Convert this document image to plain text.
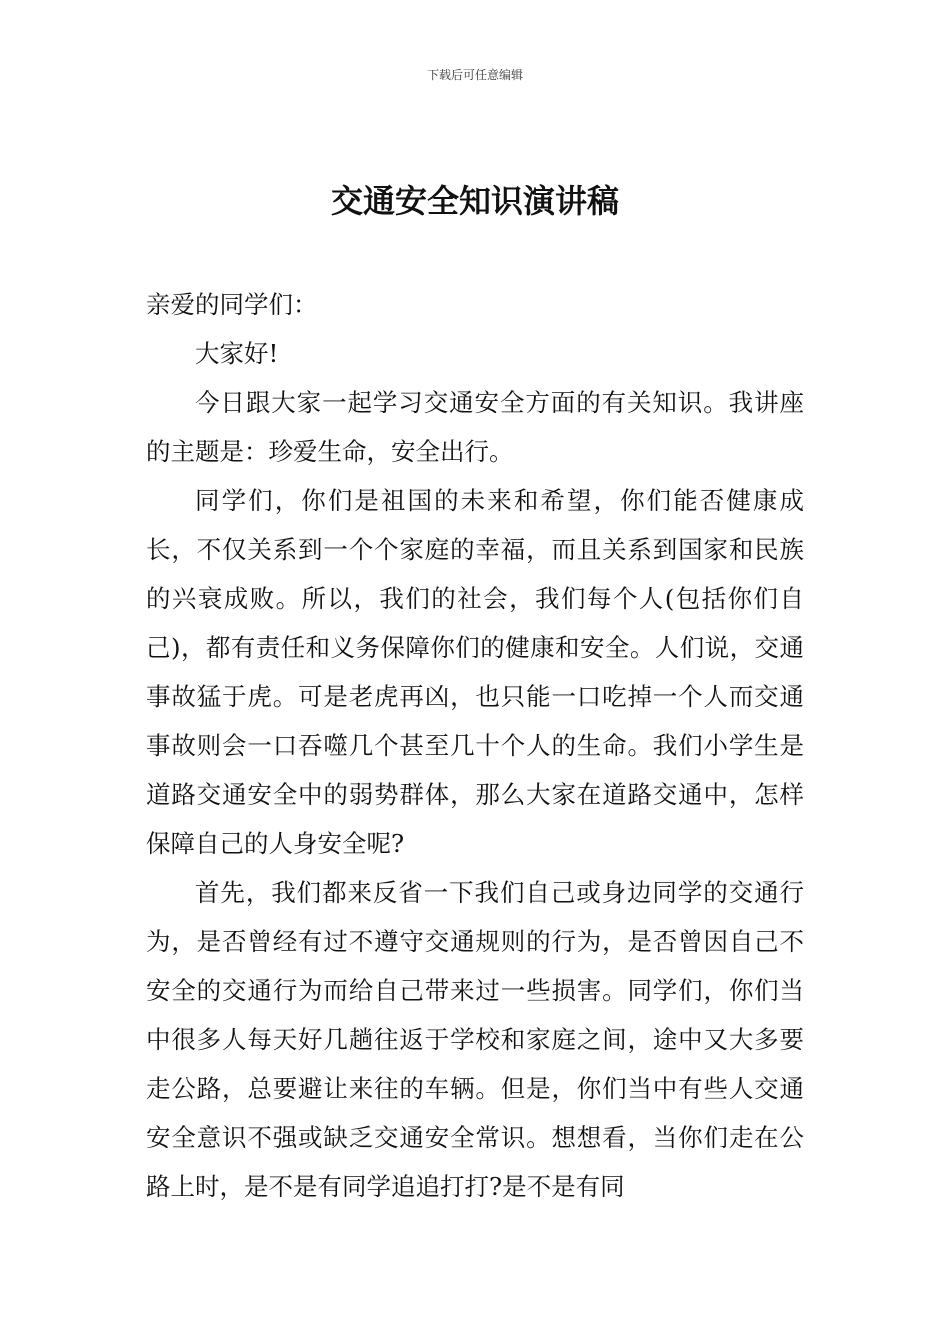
下载后可任意编辑
交通安全知识演讲稿

亲爱的同学们：

大家好!

今日跟大家一起学习交通安全方面的有关知识。我讲座的主题是：珍爱生命，安全出行。

同学们，你们是祖国的未来和希望，你们能否健康成长，不仅关系到一个个家庭的幸福，而且关系到国家和民族的兴衰成败。所以，我们的社会，我们每个人(包括你们自己)，都有责任和义务保障你们的健康和安全。人们说，交通事故猛于虎。可是老虎再凶，也只能一口吃掉一个人而交通事故则会一口吞噬几个甚至几十个人的生命。我们小学生是道路交通安全中的弱势群体，那么大家在道路交通中，怎样保障自己的人身安全呢?

首先，我们都来反省一下我们自己或身边同学的交通行为，是否曾经有过不遵守交通规则的行为，是否曾因自己不安全的交通行为而给自己带来过一些损害。同学们，你们当中很多人每天好几趟往返于学校和家庭之间，途中又大多要走公路，总要避让来往的车辆。但是，你们当中有些人交通安全意识不强或缺乏交通安全常识。想想看，当你们走在公路上时，是不是有同学追追打打?是不是有同
